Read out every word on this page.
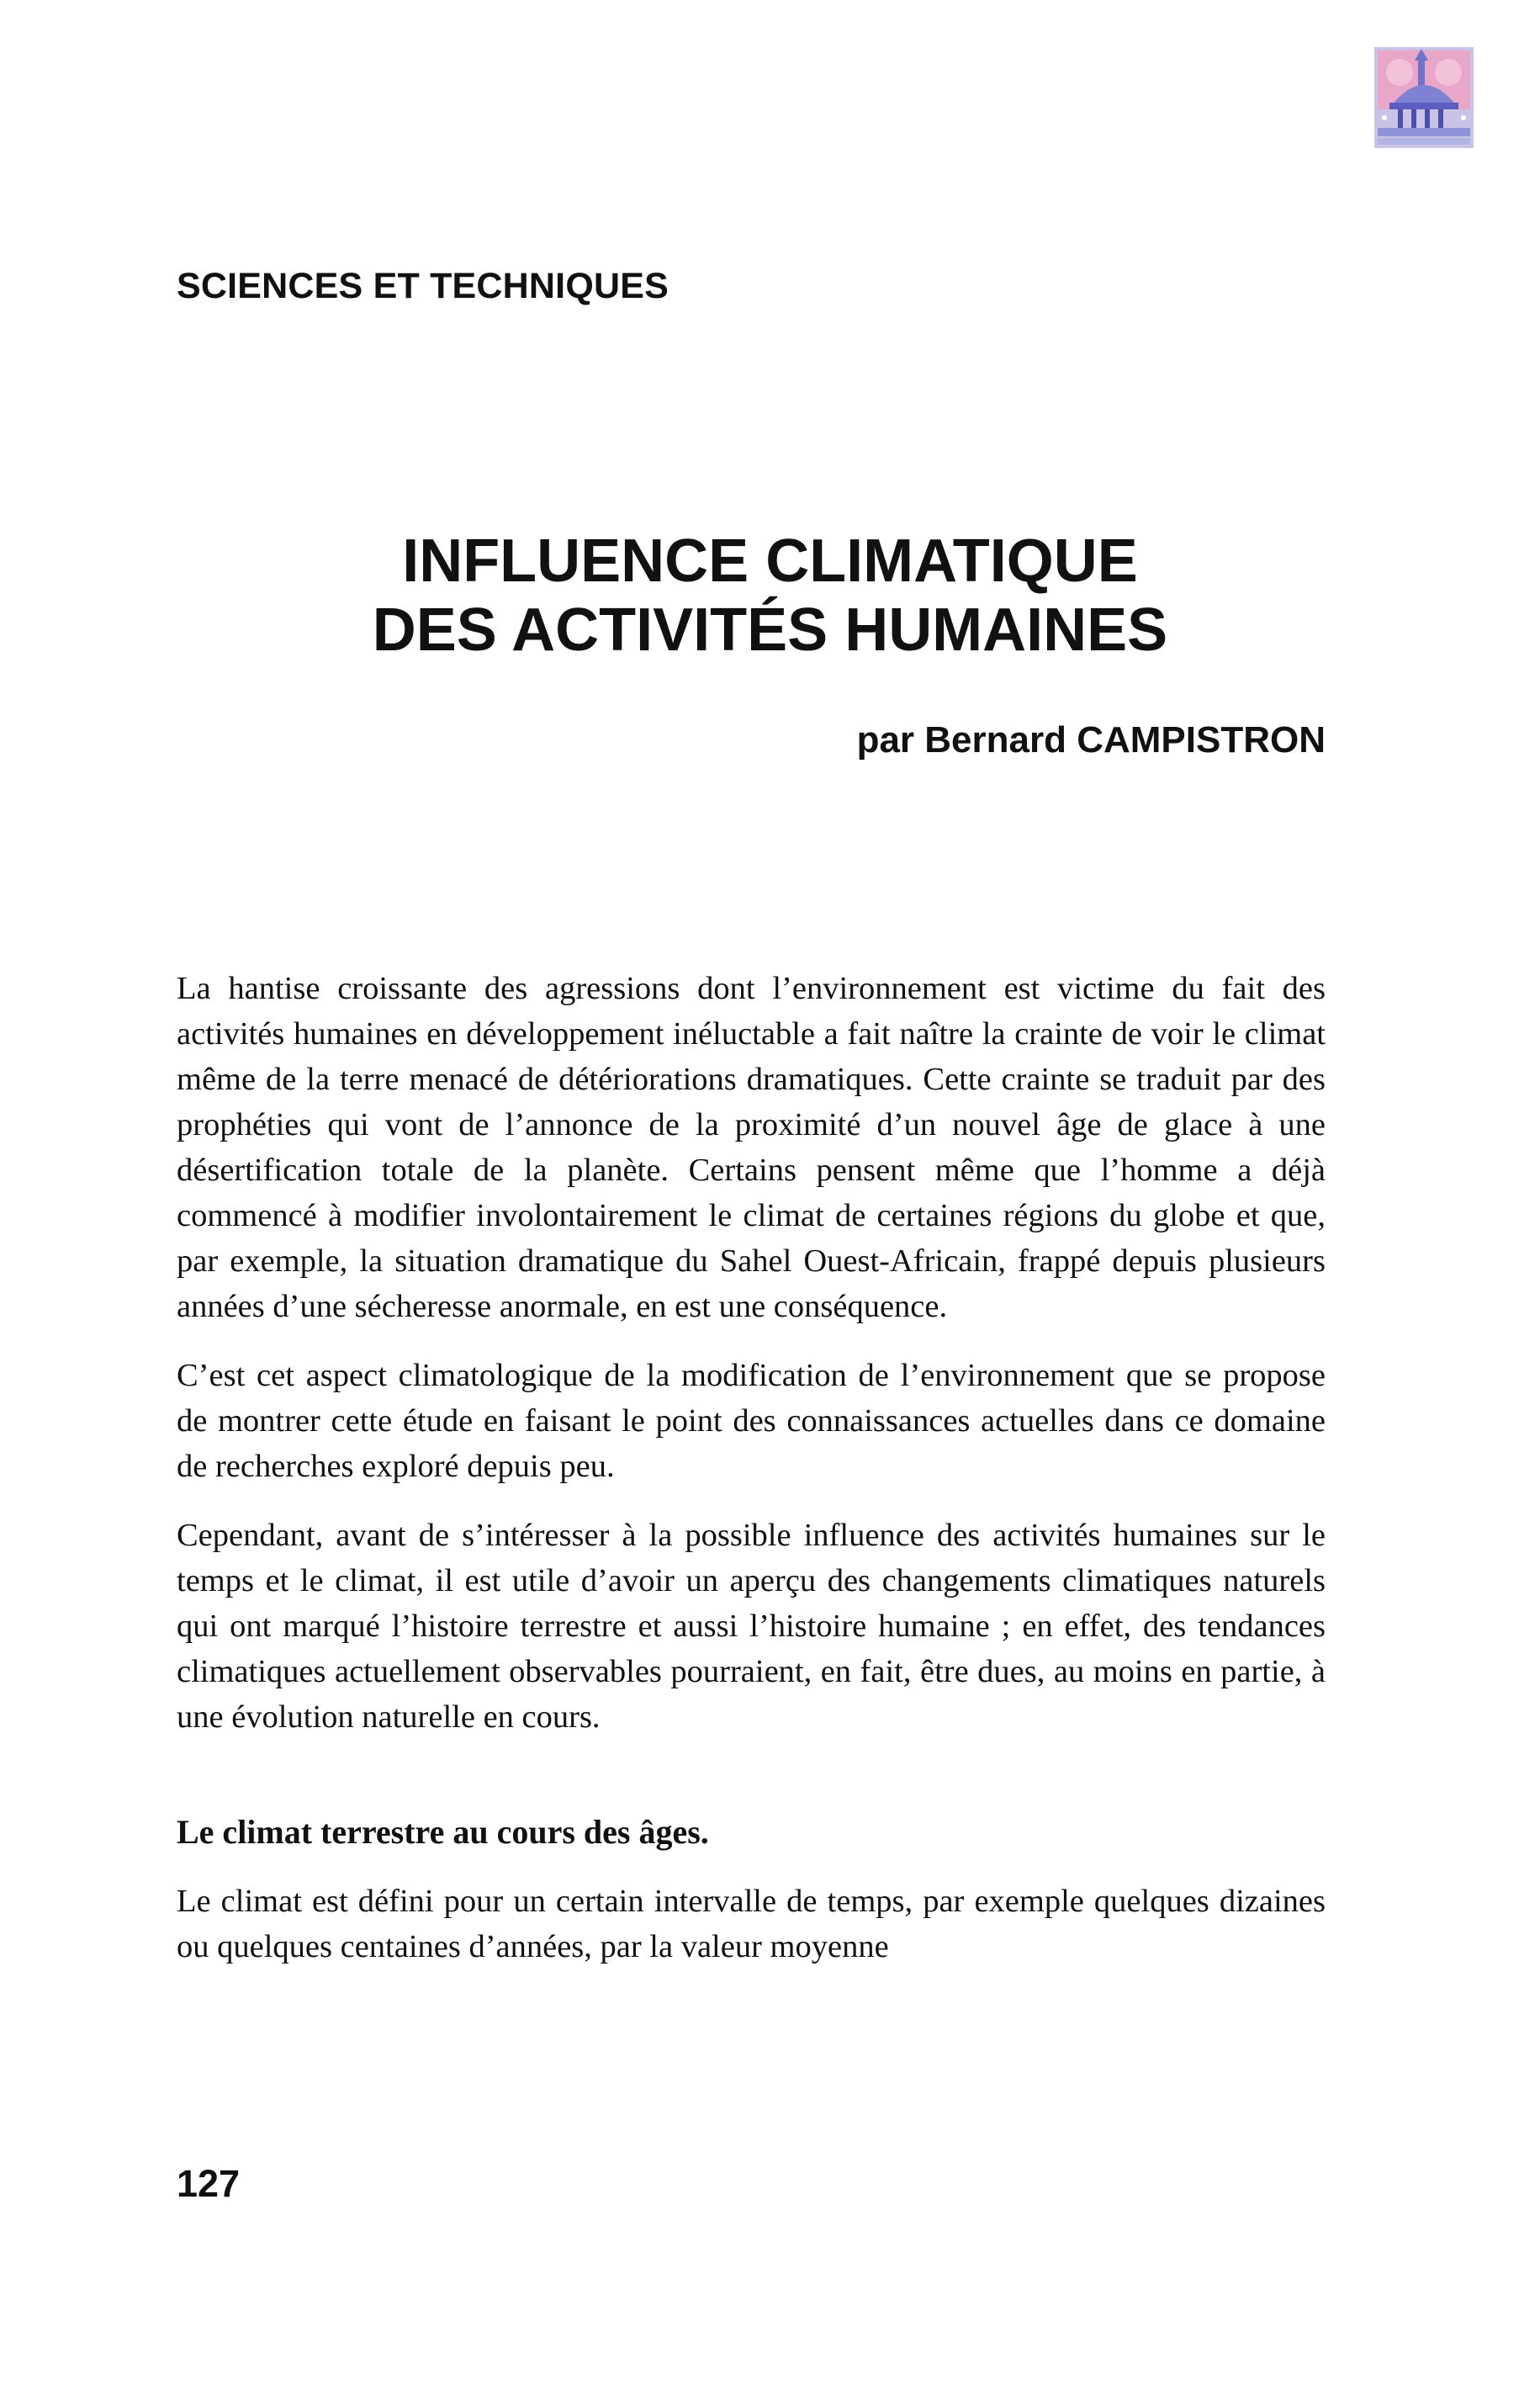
SCIENCES ET TECHNIQUES
INFLUENCE CLIMATIQUE
DES ACTIVITÉS HUMAINES
par Bernard CAMPISTRON

La hantise croissante des agressions dont l’environnement est victime du fait des activités humaines en développement inéluctable a fait naître la crainte de voir le climat même de la terre menacé de détériorations dramatiques. Cette crainte se traduit par des prophéties qui vont de l’annonce de la proximité d’un nouvel âge de glace à une désertification totale de la planète. Certains pensent même que l’homme a déjà commencé à modifier involontairement le climat de certaines régions du globe et que, par exemple, la situation dramatique du Sahel Ouest-Africain, frappé depuis plusieurs années d’une sécheresse anormale, en est une conséquence.

C’est cet aspect climatologique de la modification de l’environnement que se propose de montrer cette étude en faisant le point des connaissances actuelles dans ce domaine de recherches exploré depuis peu.

Cependant, avant de s’intéresser à la possible influence des activités humaines sur le temps et le climat, il est utile d’avoir un aperçu des changements climatiques naturels qui ont marqué l’histoire terrestre et aussi l’histoire humaine ; en effet, des tendances climatiques actuellement observables pourraient, en fait, être dues, au moins en partie, à une évolution naturelle en cours.

Le climat terrestre au cours des âges.

Le climat est défini pour un certain intervalle de temps, par exemple quelques dizaines ou quelques centaines d’années, par la valeur moyenne

127
